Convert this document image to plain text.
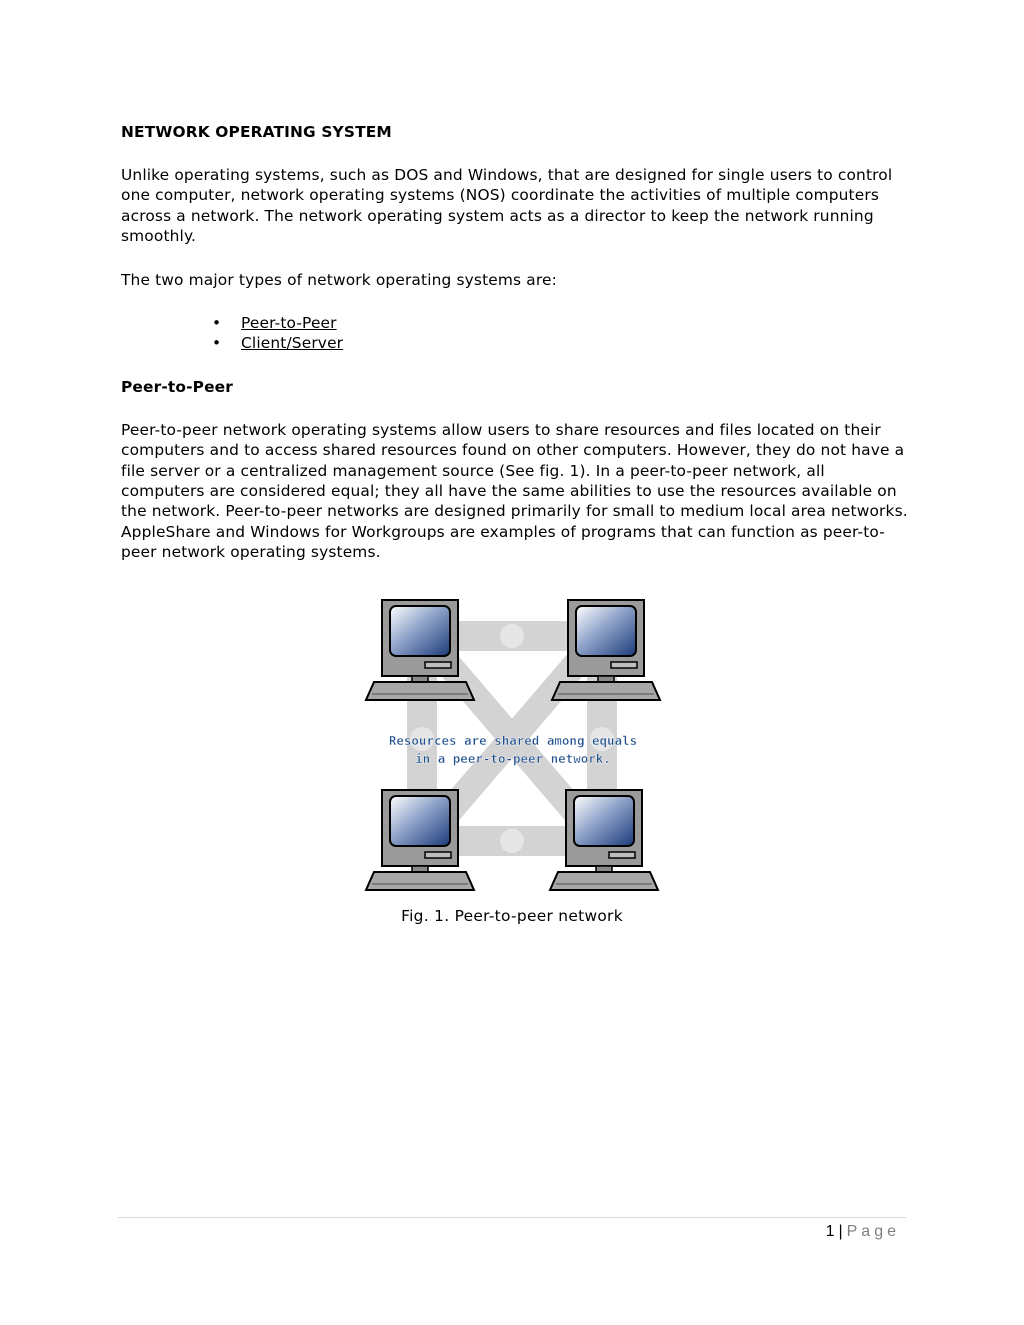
NETWORK OPERATING SYSTEM

Unlike operating systems, such as DOS and Windows, that are designed for single users to control one computer, network operating systems (NOS) coordinate the activities of multiple computers across a network. The network operating system acts as a director to keep the network running smoothly.

The two major types of network operating systems are:

• Peer-to-Peer
• Client/Server

Peer-to-Peer

Peer-to-peer network operating systems allow users to share resources and files located on their computers and to access shared resources found on other computers. However, they do not have a file server or a centralized management source (See fig. 1). In a peer-to-peer network, all computers are considered equal; they all have the same abilities to use the resources available on the network. Peer-to-peer networks are designed primarily for small to medium local area networks. AppleShare and Windows for Workgroups are examples of programs that can function as peer-to-peer network operating systems.

Resources are shared among equals
in a peer-to-peer network.
Fig. 1. Peer-to-peer network
1 | Page
